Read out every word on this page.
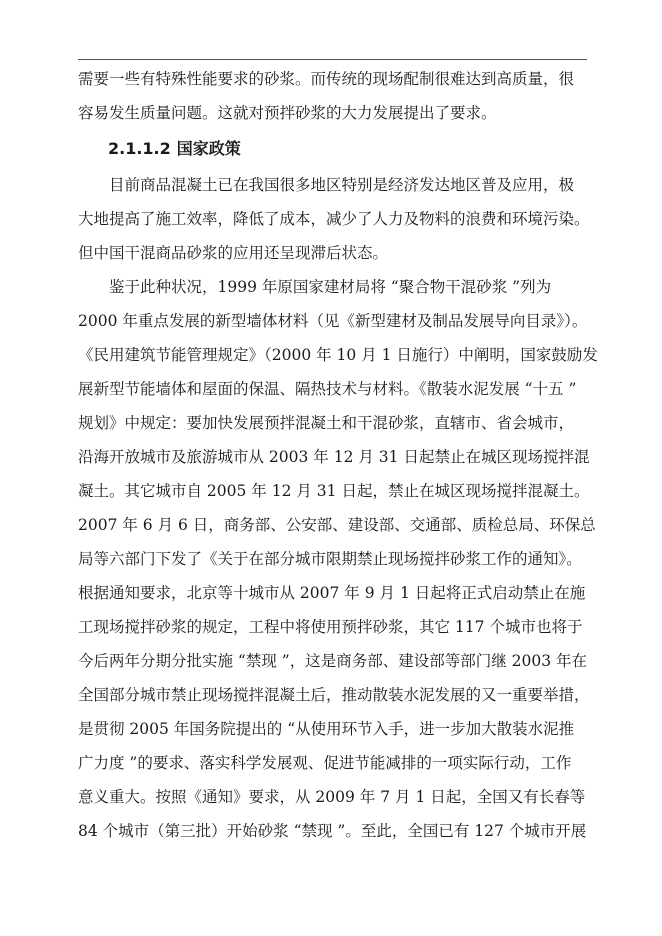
需要一些有特殊性能要求的砂浆。而传统的现场配制很难达到高质量，很
容易发生质量问题。这就对预拌砂浆的大力发展提出了要求。

2.1.1.2 国家政策

目前商品混凝土已在我国很多地区特别是经济发达地区普及应用，极
大地提高了施工效率，降低了成本，减少了人力及物料的浪费和环境污染。
但中国干混商品砂浆的应用还呈现滞后状态。

鉴于此种状况，1999 年原国家建材局将 “聚合物干混砂浆 ”列为
2000 年重点发展的新型墙体材料（见《新型建材及制品发展导向目录》）。
《民用建筑节能管理规定》（2000 年 10 月 1 日施行）中阐明，国家鼓励发
展新型节能墙体和屋面的保温、隔热技术与材料。《散装水泥发展 “十五 ”
规划》中规定：要加快发展预拌混凝土和干混砂浆，直辖市、省会城市，
沿海开放城市及旅游城市从 2003 年 12 月 31 日起禁止在城区现场搅拌混
凝土。其它城市自 2005 年 12 月 31 日起，禁止在城区现场搅拌混凝土。
2007 年 6 月 6 日，商务部、公安部、建设部、交通部、质检总局、环保总
局等六部门下发了《关于在部分城市限期禁止现场搅拌砂浆工作的通知》。
根据通知要求，北京等十城市从 2007 年 9 月 1 日起将正式启动禁止在施
工现场搅拌砂浆的规定，工程中将使用预拌砂浆，其它 117 个城市也将于
今后两年分期分批实施 “禁现 ”，这是商务部、建设部等部门继 2003 年在
全国部分城市禁止现场搅拌混凝土后，推动散装水泥发展的又一重要举措，
是贯彻 2005 年国务院提出的 “从使用环节入手，进一步加大散装水泥推
广力度 ”的要求、落实科学发展观、促进节能减排的一项实际行动，工作
意义重大。按照《通知》要求，从 2009 年 7 月 1 日起，全国又有长春等
84 个城市（第三批）开始砂浆 “禁现 ”。至此，全国已有 127 个城市开展
